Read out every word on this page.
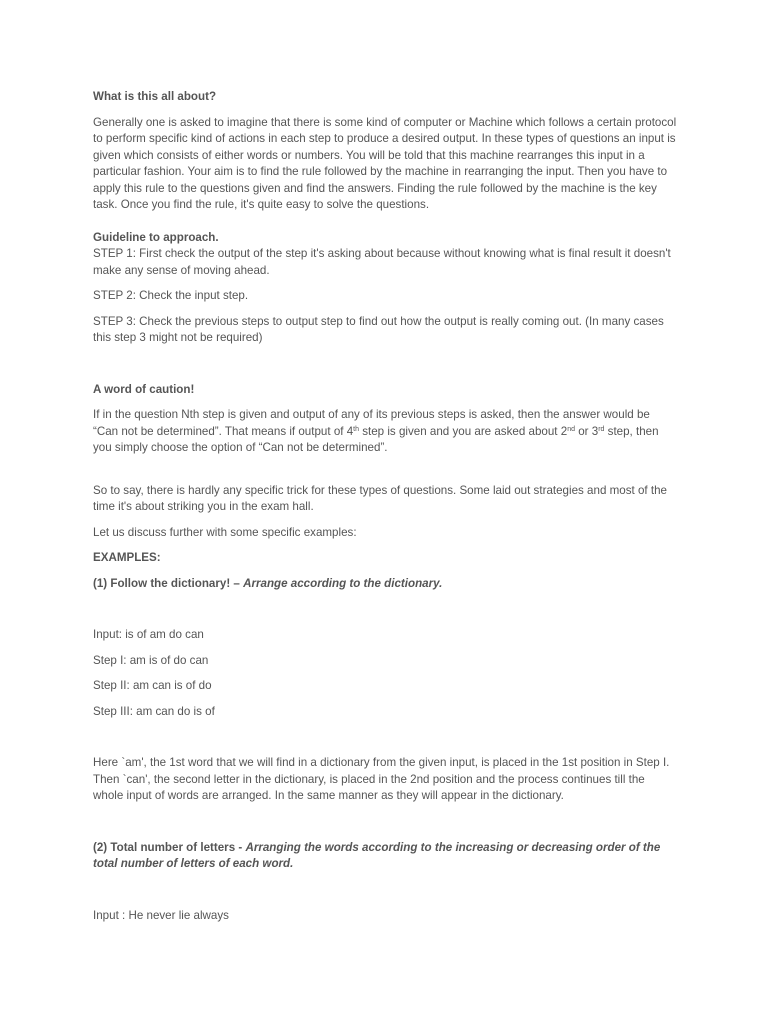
What is this all about?

Generally one is asked to imagine that there is some kind of computer or Machine which follows a certain protocol to perform specific kind of actions in each step to produce a desired output. In these types of questions an input is given which consists of either words or numbers. You will be told that this machine rearranges this input in a particular fashion. Your aim is to find the rule followed by the machine in rearranging the input. Then you have to apply this rule to the questions given and find the answers. Finding the rule followed by the machine is the key task. Once you find the rule, it's quite easy to solve the questions.

Guideline to approach.

STEP 1: First check the output of the step it's asking about because without knowing what is final result it doesn't make any sense of moving ahead.

STEP 2: Check the input step.

STEP 3: Check the previous steps to output step to find out how the output is really coming out. (In many cases this step 3 might not be required)

A word of caution!

If in the question Nth step is given and output of any of its previous steps is asked, then the answer would be “Can not be determined”. That means if output of 4th step is given and you are asked about 2nd or 3rd step, then you simply choose the option of “Can not be determined”.

So to say, there is hardly any specific trick for these types of questions. Some laid out strategies and most of the time it's about striking you in the exam hall.

Let us discuss further with some specific examples:

EXAMPLES:

(1) Follow the dictionary! – Arrange according to the dictionary.

Input: is of am do can

Step I: am is of do can

Step II: am can is of do

Step III: am can do is of

Here `am', the 1st word that we will find in a dictionary from the given input, is placed in the 1st position in Step I. Then `can', the second letter in the dictionary, is placed in the 2nd position and the process continues till the whole input of words are arranged. In the same manner as they will appear in the dictionary.

(2) Total number of letters - Arranging the words according to the increasing or decreasing order of the total number of letters of each word.

Input : He never lie always
